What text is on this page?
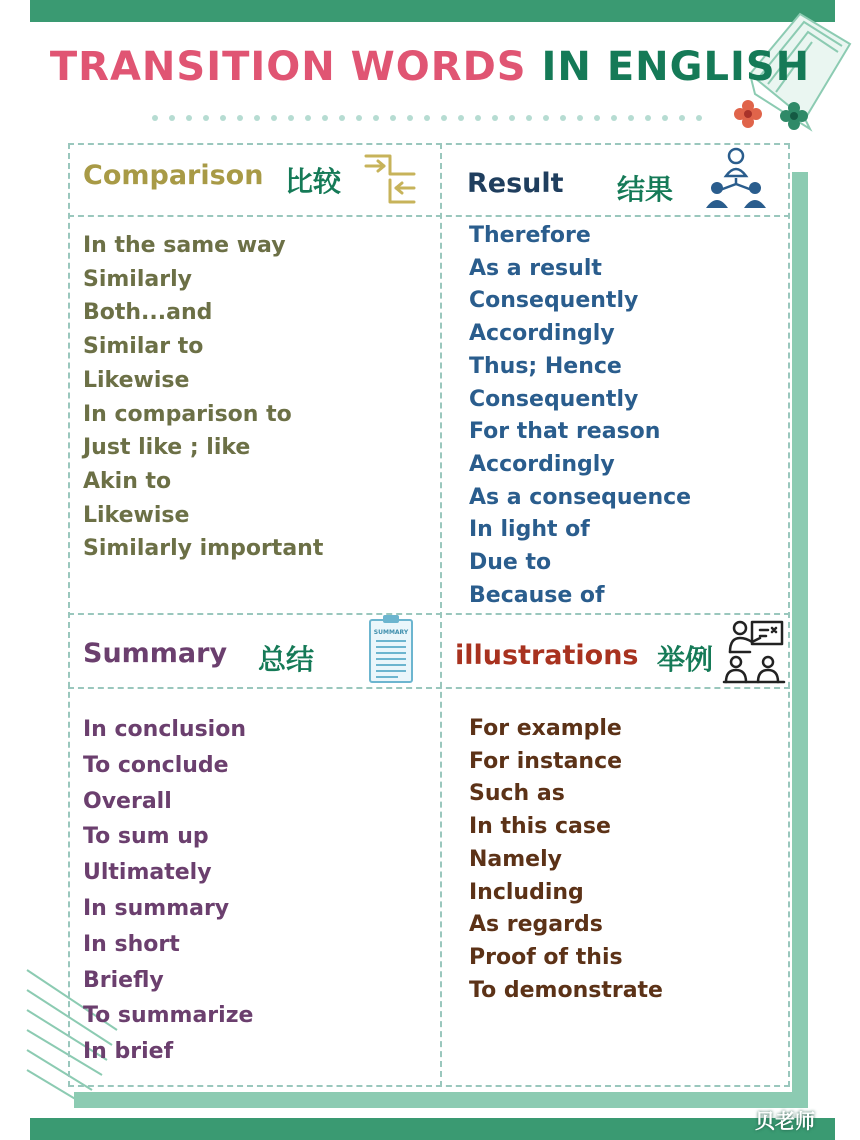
TRANSITION WORDS IN ENGLISH
Comparison 比较
In the same way
Similarly
Both...and
Similar to
Likewise
In comparison to
Just like ; like
Akin to
Likewise
Similarly important
Result 结果
Therefore
As a result
Consequently
Accordingly
Thus; Hence
Consequently
For that reason
Accordingly
As a consequence
In light of
Due to
Because of
Summary 总结
SUMMARY
In conclusion
To conclude
Overall
To sum up
Ultimately
In summary
In short
Briefly
To summarize
In brief
illustrations 举例
For example
For instance
Such as
In this case
Namely
Including
As regards
Proof of this
To demonstrate
贝老师
